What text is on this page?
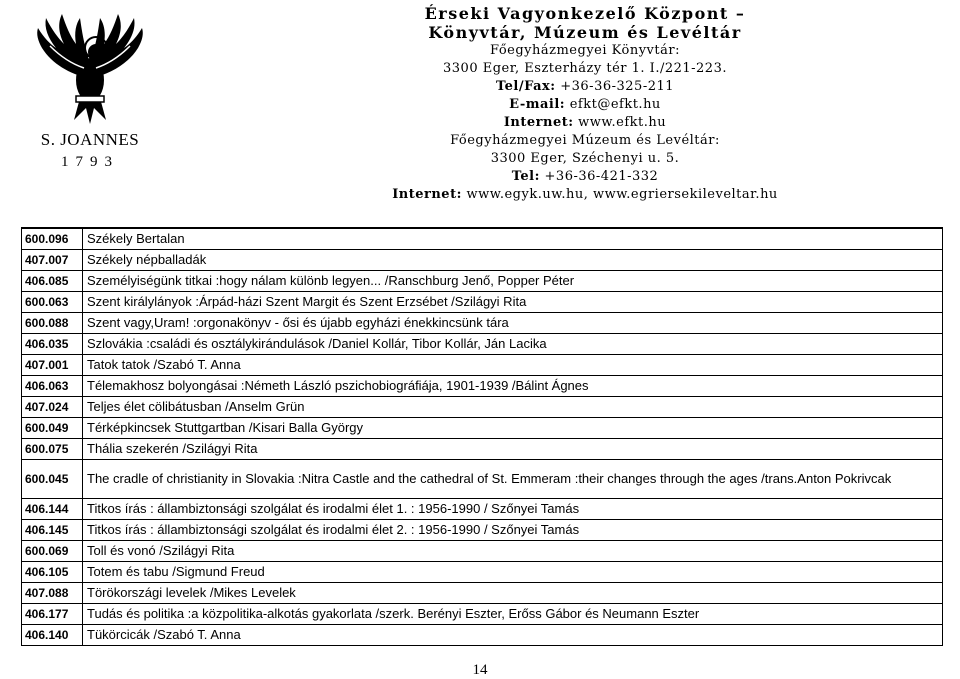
S. JOANNES
1793
Érseki Vagyonkezelő Központ –
Könyvtár, Múzeum és Levéltár
Főegyházmegyei Könyvtár:
3300 Eger, Eszterházy tér 1. I./221-223.
Tel/Fax: +36-36-325-211
E-mail: efkt@efkt.hu
Internet: www.efkt.hu
Főegyházmegyei Múzeum és Levéltár:
3300 Eger, Széchenyi u. 5.
Tel: +36-36-421-332
Internet: www.egyk.uw.hu, www.egriersekileveltar.hu
600.096	Székely Bertalan
407.007	Székely népballadák
406.085	Személyiségünk titkai :hogy nálam különb legyen... /Ranschburg Jenő, Popper Péter
600.063	Szent királylányok :Árpád-házi Szent Margit és Szent Erzsébet /Szilágyi Rita
600.088	Szent vagy,Uram! :orgonakönyv - ősi és újabb egyházi énekkincsünk tára
406.035	Szlovákia :családi és osztálykirándulások /Daniel Kollár, Tibor Kollár, Ján Lacika
407.001	Tatok tatok /Szabó T. Anna
406.063	Télemakhosz bolyongásai :Németh László pszichobiográfiája, 1901-1939 /Bálint Ágnes
407.024	Teljes élet cölibátusban /Anselm Grün
600.049	Térképkincsek Stuttgartban /Kisari Balla György
600.075	Thália szekerén /Szilágyi Rita
600.045	The cradle of christianity in Slovakia :Nitra Castle and the cathedral of St. Emmeram :their changes through the ages /trans.Anton Pokrivcak
406.144	Titkos írás : állambiztonsági szolgálat és irodalmi élet 1. : 1956-1990 / Szőnyei Tamás
406.145	Titkos írás : állambiztonsági szolgálat és irodalmi élet 2. : 1956-1990 / Szőnyei Tamás
600.069	Toll és vonó /Szilágyi Rita
406.105	Totem és tabu /Sigmund Freud
407.088	Törökországi levelek /Mikes Levelek
406.177	Tudás és politika :a közpolitika-alkotás gyakorlata /szerk. Berényi Eszter, Erőss Gábor és Neumann Eszter
406.140	Tükörcicák /Szabó T. Anna
14
